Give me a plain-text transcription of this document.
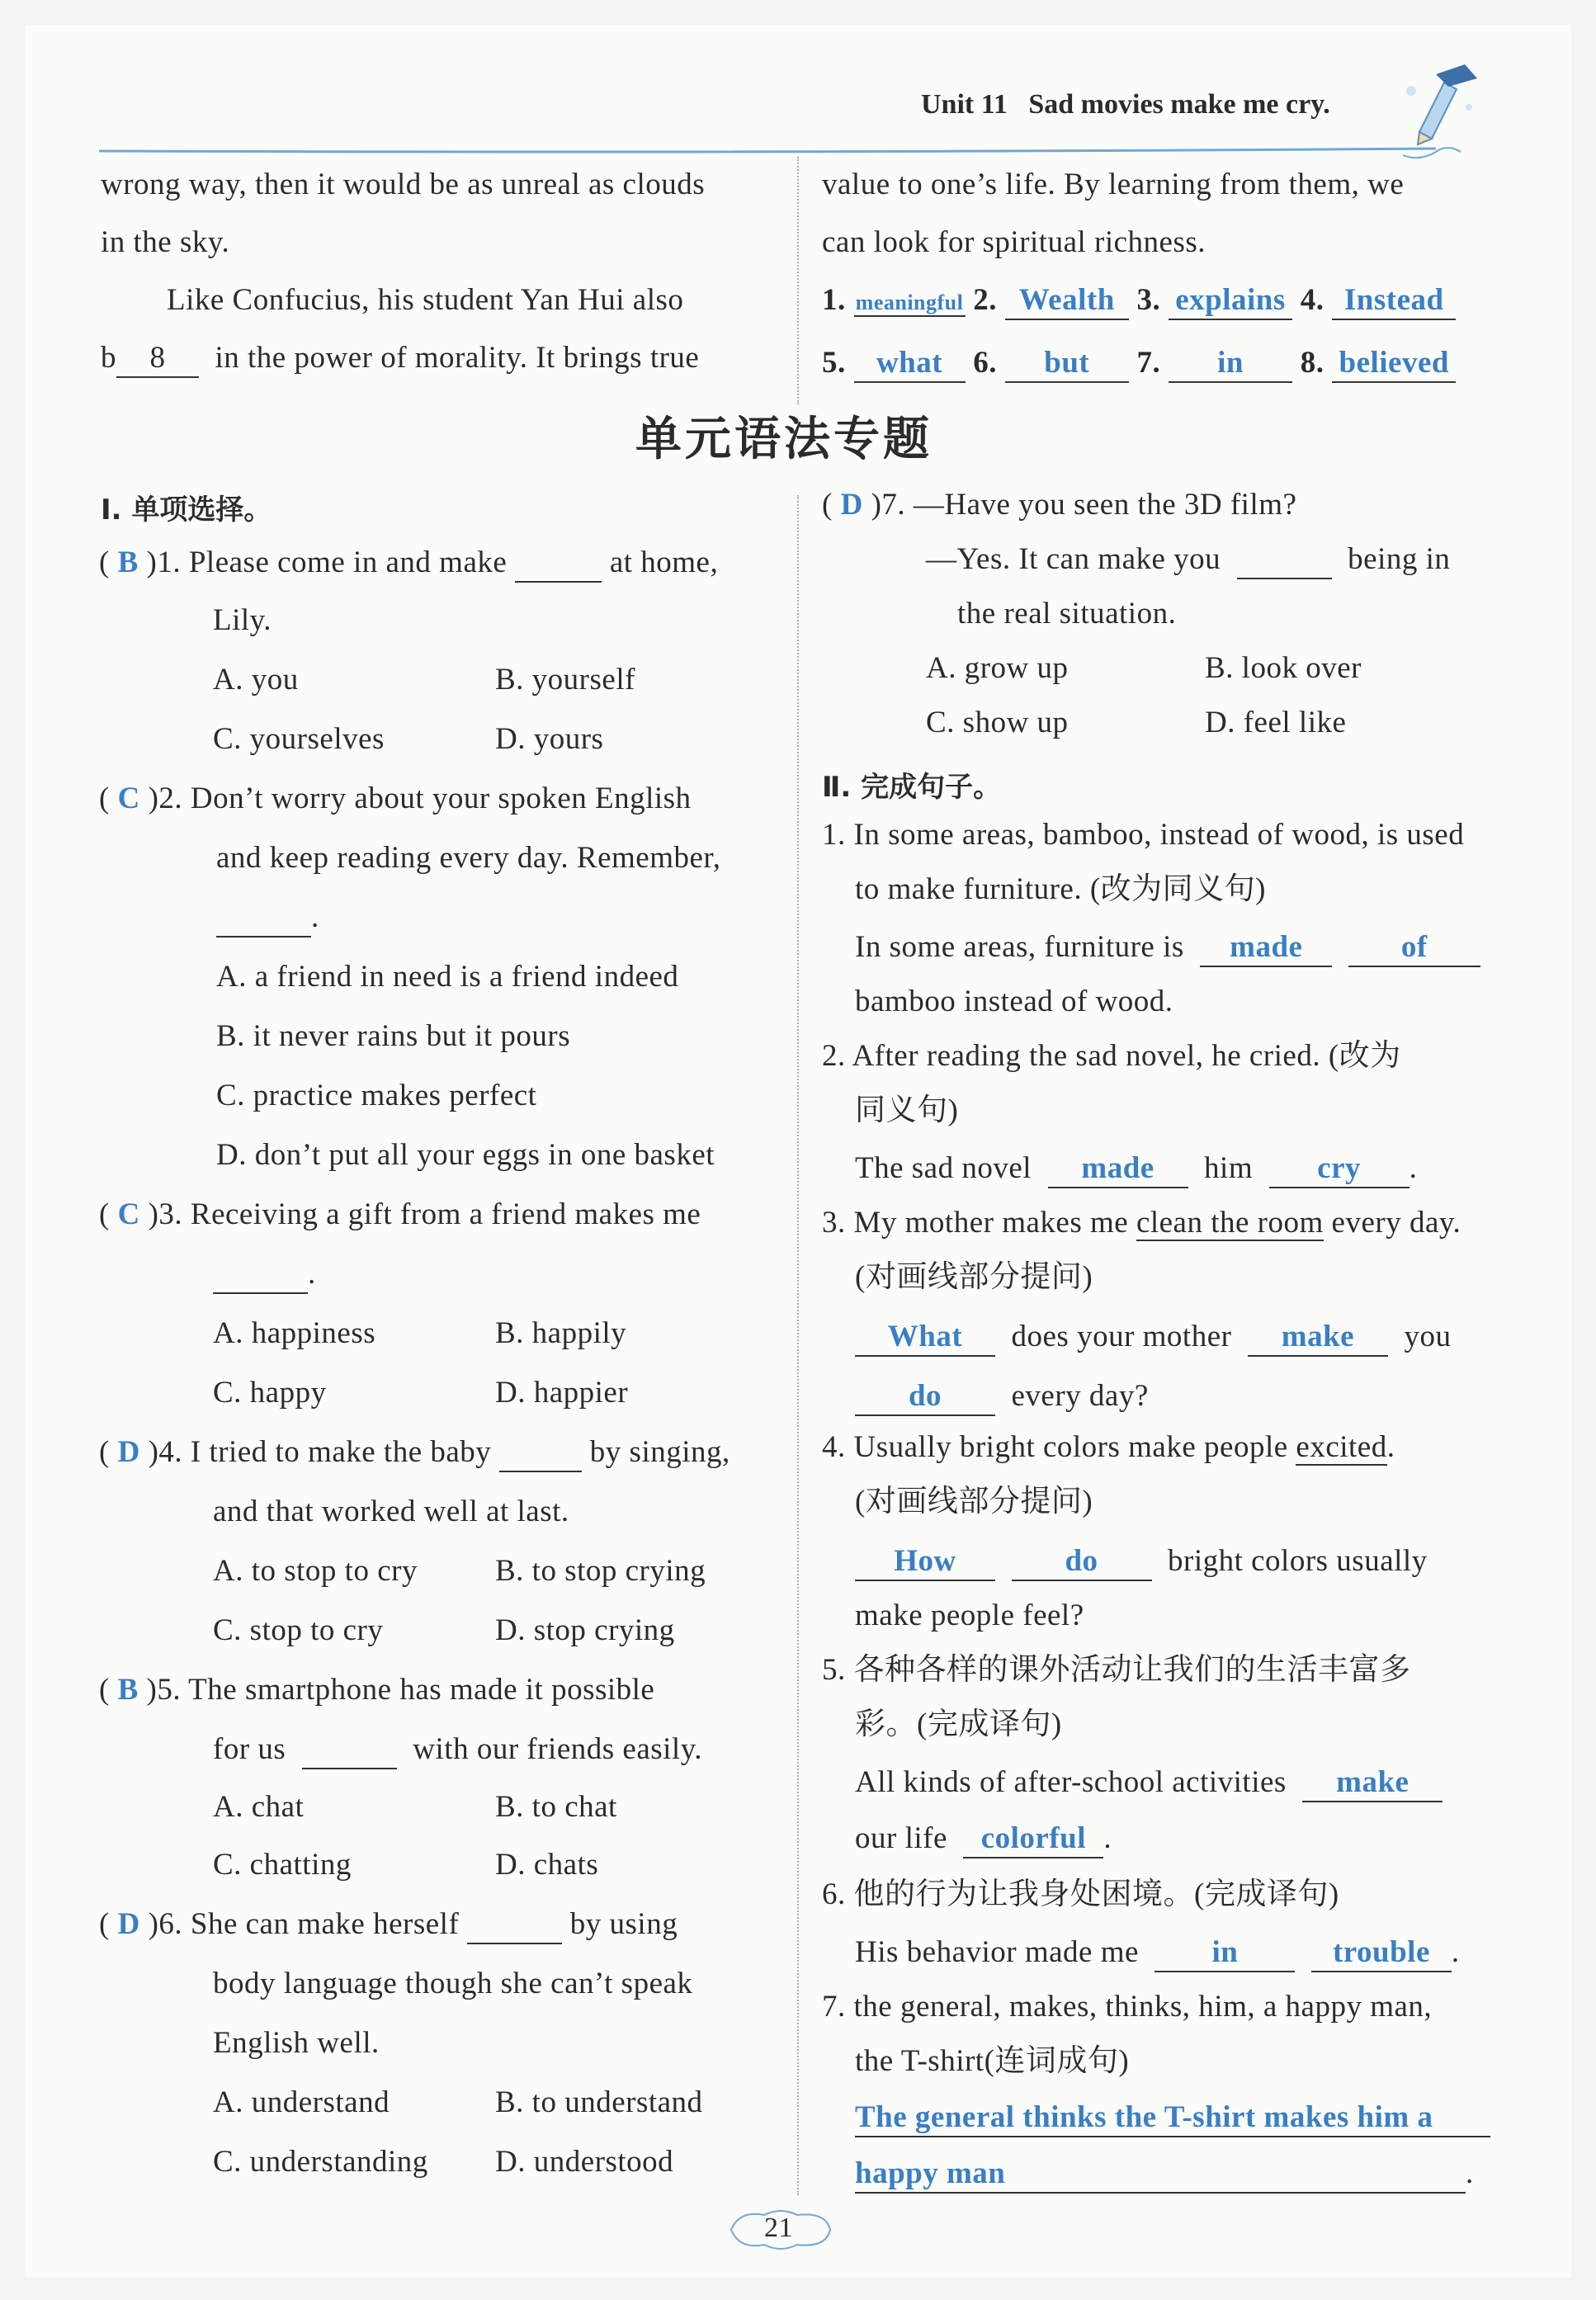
Unit 11 Sad movies make me cry.
wrong way, then it would be as unreal as clouds
in the sky.
Like Confucius, his student Yan Hui also
b 8 in the power of morality. It brings true
value to one’s life. By learning from them, we
can look for spiritual richness.
1. meaningful 2. Wealth 3. explains 4. Instead
5. what 6. but 7. in 8. believed
单元语法专题
Ⅰ. 单项选择。
( B )1. Please come in and make	at home,
Lily.
A. you	B. yourself
C. yourselves	D. yours
( C )2. Don’t worry about your spoken English
and keep reading every day. Remember,
.
A. a friend in need is a friend indeed
B. it never rains but it pours
C. practice makes perfect
D. don’t put all your eggs in one basket
( C )3. Receiving a gift from a friend makes me
.
A. happiness	B. happily
C. happy	D. happier
( D )4. I tried to make the baby	by singing,
and that worked well at last.
A. to stop to cry	B. to stop crying
C. stop to cry	D. stop crying
( B )5. The smartphone has made it possible
for us	with our friends easily.
A. chat	B. to chat
C. chatting	D. chats
( D )6. She can make herself	by using
body language though she can’t speak
English well.
A. understand	B. to understand
C. understanding D. understood
( D )7. —Have you seen the 3D film?
—Yes. It can make you	being in
the real situation.
A. grow up	B. look over
C. show up	D. feel like
Ⅱ. 完成句子。
1. In some areas, bamboo, instead of wood, is used
to make furniture. (改为同义句)
In some areas, furniture is made	of
bamboo instead of wood.
2. After reading the sad novel, he cried. (改为
同义句)
The sad novel made him cry .
3. My mother makes me clean the room every day.
(对画线部分提问)
What does your mother make you
do every day?
4. Usually bright colors make people excited.
(对画线部分提问)
How	do bright colors usually
make people feel?
5. 各种各样的课外活动让我们的生活丰富多
彩。(完成译句)
All kinds of after-school activities make
our life colorful .
6. 他的行为让我身处困境。(完成译句)
His behavior made me in	trouble .
7. the general, makes, thinks, him, a happy man,
the T-shirt(连词成句)
The general thinks the T-shirt makes him a
happy man	.
21
